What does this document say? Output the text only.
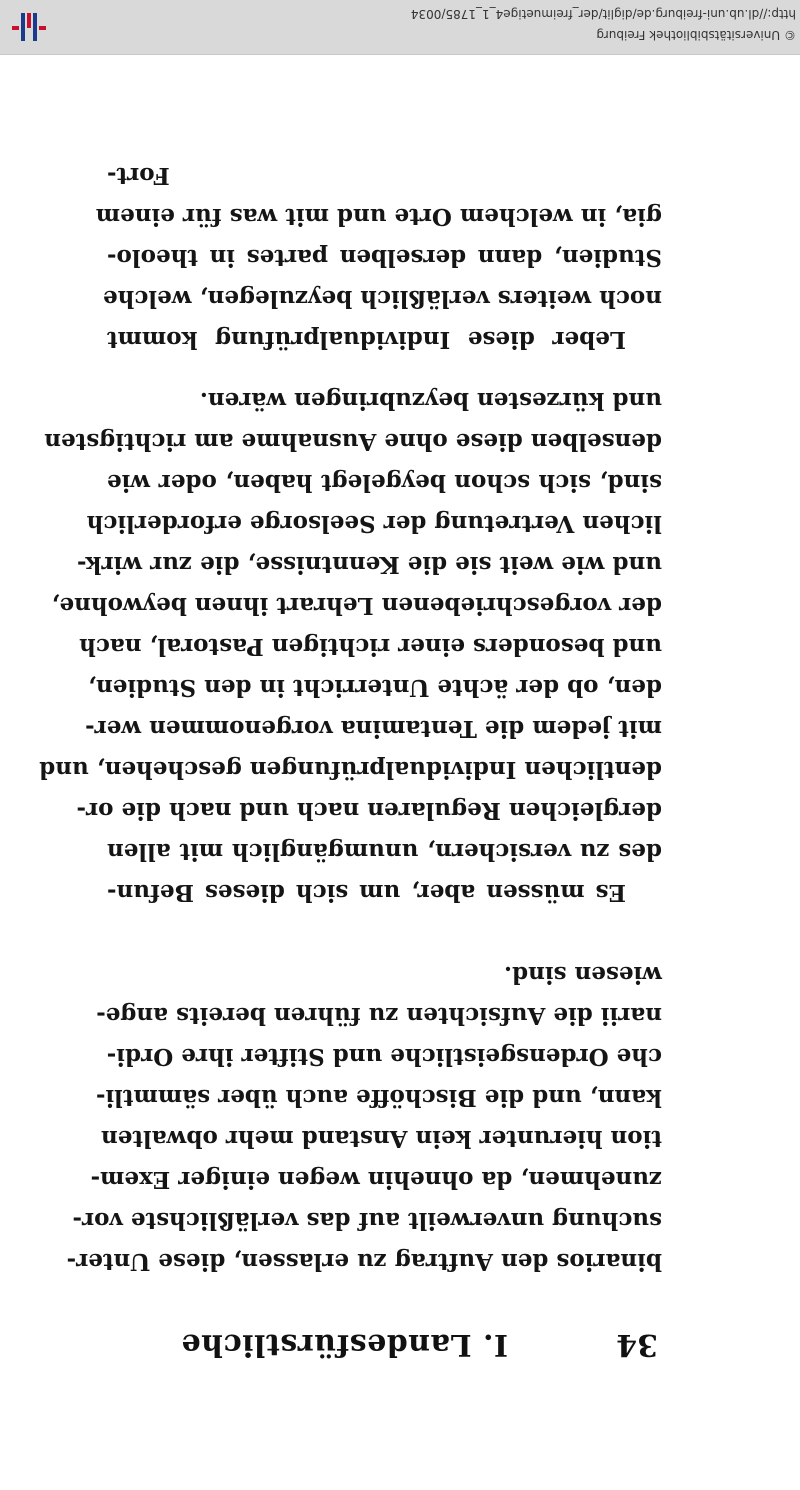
© Universitätsbibliothek Freiburg
http://dl.ub.uni-freiburg.de/diglit/der_freimuetige4_1_1785/0034
34
I. Landesfürstliche
binarios den Auftrag zu erlassen, diese Unter-
suchung unverweilt auf das verläßlichste vor-
zunehmen, da ohnehin wegen einiger Exem-
tion hierunter kein Anstand mehr obwalten
kann, und die Bischöffe auch über sämmtli-
che Ordensgeistliche und Stifter ihre Ordi-
narii die Aufsichten zu führen bereits ange-
wiesen sind.
Es müssen aber, um sich dieses Befun-
des zu versichern, unumgänglich mit allen
dergleichen Regularen nach und nach die or-
dentlichen Individualprüfungen geschehen, und
mit jedem die Tentamina vorgenommen wer-
den, ob der ächte Unterricht in den Studien,
und besonders einer richtigen Pastoral, nach
der vorgeschriebenen Lehrart ihnen beywohne,
und wie weit sie die Kenntnisse, die zur wirk-
lichen Vertretung der Seelsorge erforderlich
sind, sich schon beygelegt haben, oder wie
denselben diese ohne Ausnahme am richtigsten
und kürzesten beyzubringen wären.
Leber diese Individualprüfung kommt
noch weiters verläßlich beyzulegen, welche
Studien, dann derselben partes in theolo-
gia, in welchem Orte und mit was für einem
Fort-
